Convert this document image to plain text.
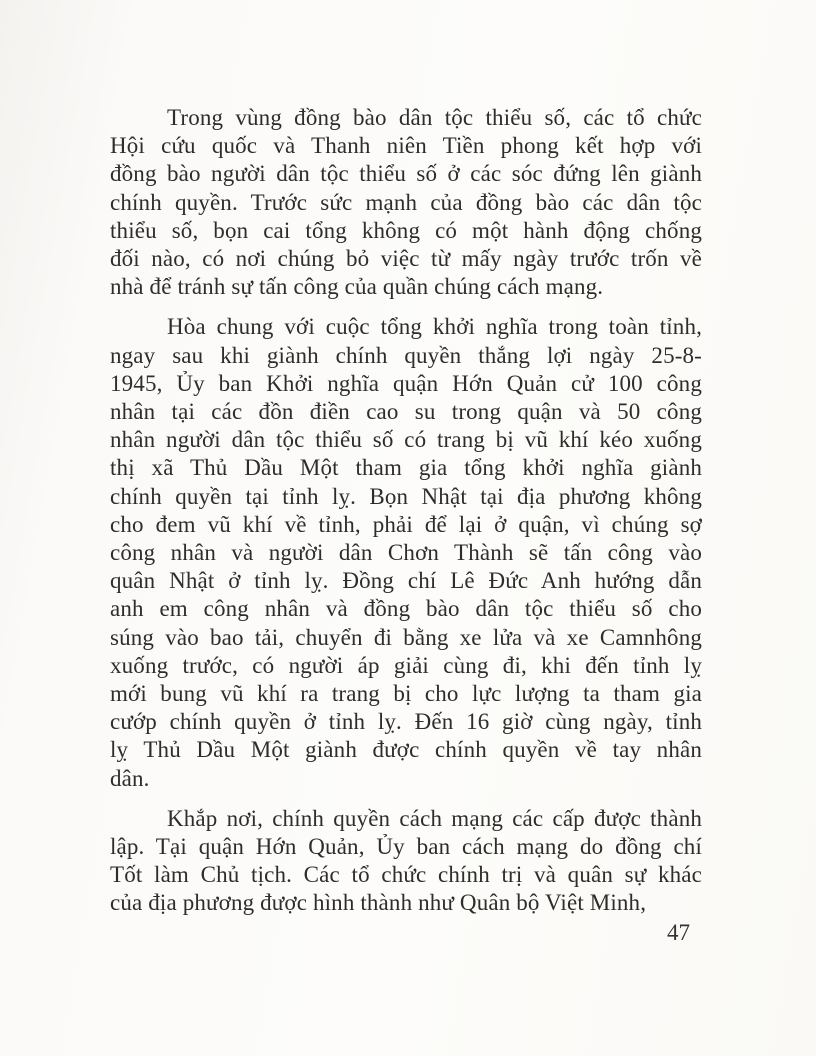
Trong vùng đồng bào dân tộc thiểu số, các tổ chức
Hội cứu quốc và Thanh niên Tiền phong kết hợp với
đồng bào người dân tộc thiểu số ở các sóc đứng lên giành
chính quyền. Trước sức mạnh của đồng bào các dân tộc
thiểu số, bọn cai tổng không có một hành động chống
đối nào, có nơi chúng bỏ việc từ mấy ngày trước trốn về
nhà để tránh sự tấn công của quần chúng cách mạng.

Hòa chung với cuộc tổng khởi nghĩa trong toàn tỉnh,
ngay sau khi giành chính quyền thắng lợi ngày 25-8-
1945, Ủy ban Khởi nghĩa quận Hớn Quản cử 100 công
nhân tại các đồn điền cao su trong quận và 50 công
nhân người dân tộc thiểu số có trang bị vũ khí kéo xuống
thị xã Thủ Dầu Một tham gia tổng khởi nghĩa giành
chính quyền tại tỉnh lỵ. Bọn Nhật tại địa phương không
cho đem vũ khí về tỉnh, phải để lại ở quận, vì chúng sợ
công nhân và người dân Chơn Thành sẽ tấn công vào
quân Nhật ở tỉnh lỵ. Đồng chí Lê Đức Anh hướng dẫn
anh em công nhân và đồng bào dân tộc thiểu số cho
súng vào bao tải, chuyển đi bằng xe lửa và xe Camnhông
xuống trước, có người áp giải cùng đi, khi đến tỉnh lỵ
mới bung vũ khí ra trang bị cho lực lượng ta tham gia
cướp chính quyền ở tỉnh lỵ. Đến 16 giờ cùng ngày, tỉnh
lỵ Thủ Dầu Một giành được chính quyền về tay nhân
dân.

Khắp nơi, chính quyền cách mạng các cấp được thành
lập. Tại quận Hớn Quản, Ủy ban cách mạng do đồng chí
Tốt làm Chủ tịch. Các tổ chức chính trị và quân sự khác
của địa phương được hình thành như Quân bộ Việt Minh,

47
